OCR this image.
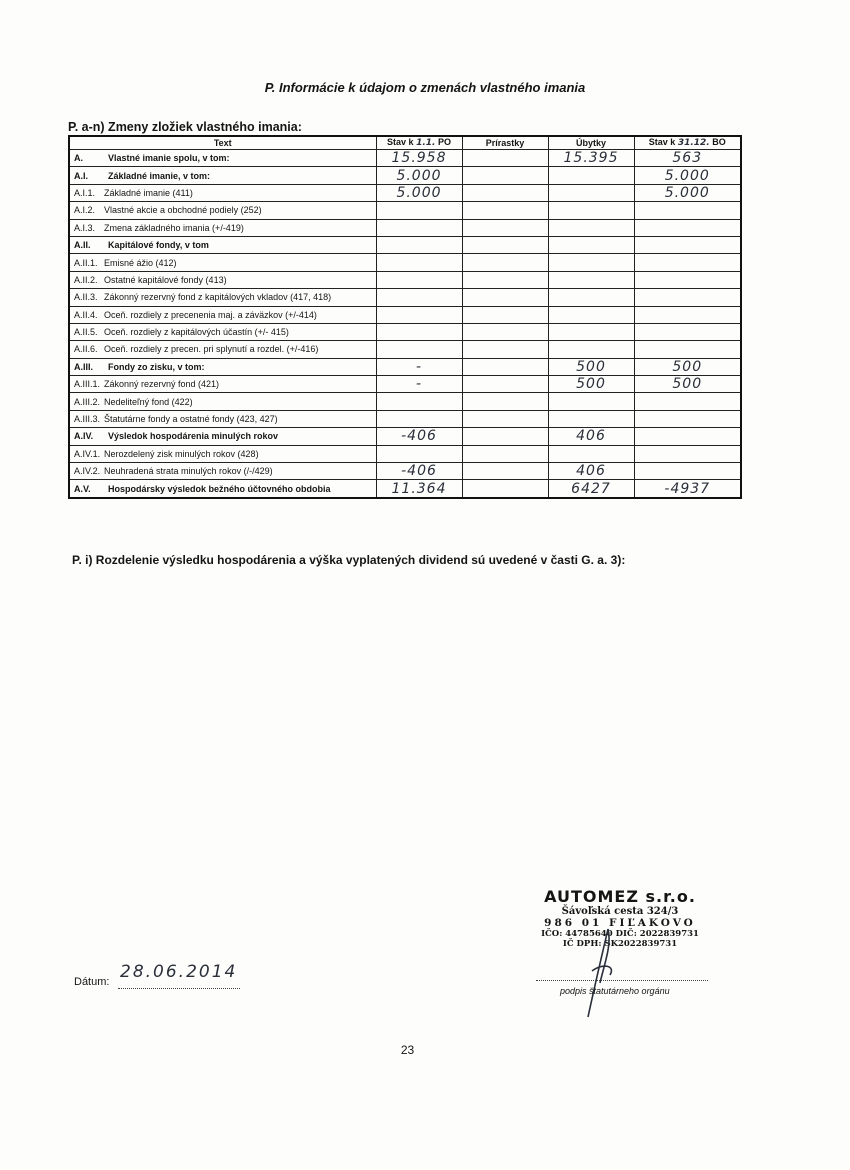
P. Informácie k údajom o zmenách vlastného imania
P. a-n) Zmeny zložiek vlastného imania:
Text	Stav k 1.1. PO	Prírastky	Úbytky	Stav k 31.12. BO
A. Vlastné imanie spolu, v tom:	15.958		15.395	563
A.I. Základné imanie, v tom:	5.000			5.000
A.I.1. Základné imanie (411)	5.000			5.000
A.I.2. Vlastné akcie a obchodné podiely (252)				
A.I.3. Zmena základného imania (+/-419)				
A.II. Kapitálové fondy, v tom				
A.II.1. Emisné ážio (412)				
A.II.2. Ostatné kapitálové fondy (413)				
A.II.3. Zákonný rezervný fond z kapitálových vkladov (417, 418)				
A.II.4. Oceň. rozdiely z precenenia maj. a záväzkov (+/-414)				
A.II.5. Oceň. rozdiely z kapitálových účastín (+/- 415)				
A.II.6. Oceň. rozdiely z precen. pri splynutí a rozdel. (+/-416)				
A.III. Fondy zo zisku, v tom:	-		500	500
A.III.1. Zákonný rezervný fond (421)	-		500	500
A.III.2. Nedeliteľný fond (422)				
A.III.3. Štatutárne fondy a ostatné fondy (423, 427)				
A.IV. Výsledok hospodárenia minulých rokov	-406		406	
A.IV.1. Nerozdelený zisk minulých rokov (428)				
A.IV.2. Neuhradená strata minulých rokov (/-/429)	-406		406	
A.V. Hospodársky výsledok bežného účtovného obdobia	11.364		6427	-4937
P. i) Rozdelenie výsledku hospodárenia a výška vyplatených dividend sú uvedené v časti G. a. 3):
AUTOMEZ s.r.o.
Šávoľská cesta 324/3
986 01 FIĽAKOVO
IČO: 44785640 DIČ: 2022839731
IČ DPH: SK2022839731
Dátum: 28.06.2014
podpis štatutárneho orgánu
23
